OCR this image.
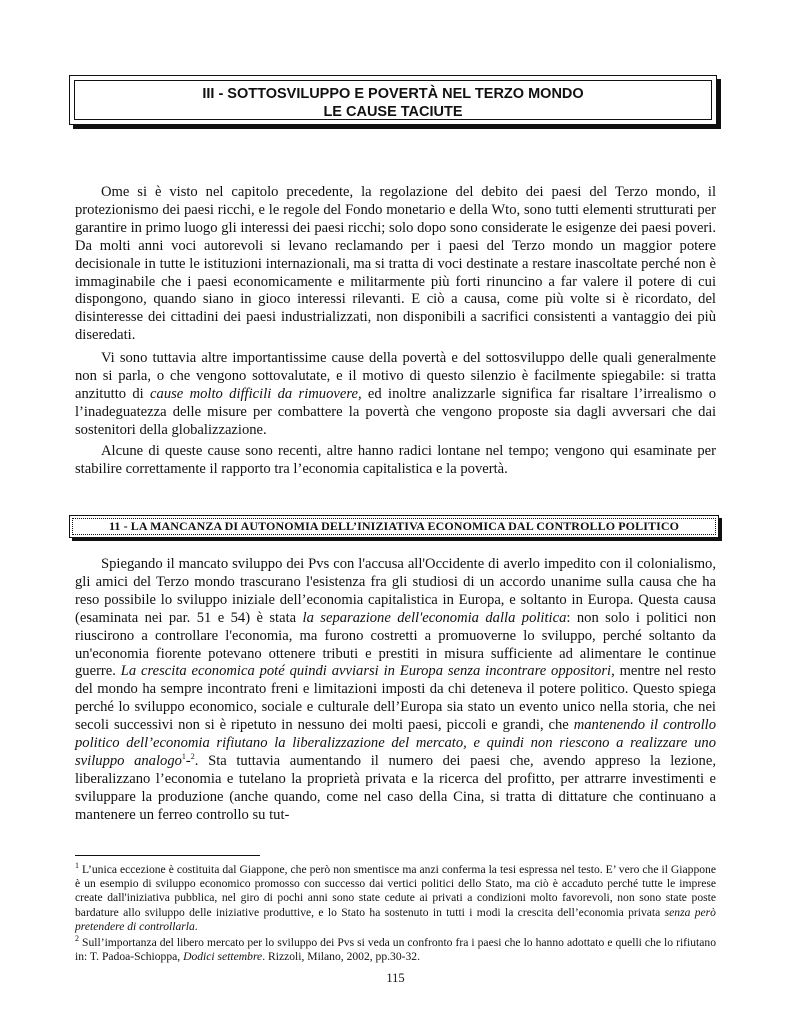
III - SOTTOSVILUPPO E POVERTÀ NEL TERZO MONDO
LE CAUSE TACIUTE

Ome si è visto nel capitolo precedente, la regolazione del debito dei paesi del Terzo mondo, il protezionismo dei paesi ricchi, e le regole del Fondo monetario e della Wto, sono tutti elementi strutturati per garantire in primo luogo gli interessi dei paesi ricchi; solo dopo sono considerate le esigenze dei paesi poveri. Da molti anni voci autorevoli si levano reclamando per i paesi del Terzo mondo un maggior potere decisionale in tutte le istituzioni internazionali, ma si tratta di voci destinate a restare inascoltate perché non è immaginabile che i paesi economicamente e militarmente più forti rinuncino a far valere il potere di cui dispongono, quando siano in gioco interessi rilevanti. E ciò a causa, come più volte si è ricordato, del disinteresse dei cittadini dei paesi industrializzati, non disponibili a sacrifici consistenti a vantaggio dei più diseredati.

Vi sono tuttavia altre importantissime cause della povertà e del sottosviluppo delle quali generalmente non si parla, o che vengono sottovalutate, e il motivo di questo silenzio è facilmente spiegabile: si tratta anzitutto di cause molto difficili da rimuovere, ed inoltre analizzarle significa far risaltare l’irrealismo o l’inadeguatezza delle misure per combattere la povertà che vengono proposte sia dagli avversari che dai sostenitori della globalizzazione.

Alcune di queste cause sono recenti, altre hanno radici lontane nel tempo; vengono qui esaminate per stabilire correttamente il rapporto tra l’economia capitalistica e la povertà.

11 - LA MANCANZA DI AUTONOMIA DELL’INIZIATIVA ECONOMICA DAL CONTROLLO POLITICO

Spiegando il mancato sviluppo dei Pvs con l'accusa all'Occidente di averlo impedito con il colonialismo, gli amici del Terzo mondo trascurano l'esistenza fra gli studiosi di un accordo unanime sulla causa che ha reso possibile lo sviluppo iniziale dell’economia capitalistica in Europa, e soltanto in Europa. Questa causa (esaminata nei par. 51 e 54) è stata la separazione dell'economia dalla politica: non solo i politici non riuscirono a controllare l'economia, ma furono costretti a promuoverne lo sviluppo, perché soltanto da un'economia fiorente potevano ottenere tributi e prestiti in misura sufficiente ad alimentare le continue guerre. La crescita economica poté quindi avviarsi in Europa senza incontrare oppositori, mentre nel resto del mondo ha sempre incontrato freni e limitazioni imposti da chi deteneva il potere politico. Questo spiega perché lo sviluppo economico, sociale e culturale dell’Europa sia stato un evento unico nella storia, che nei secoli successivi non si è ripetuto in nessuno dei molti paesi, piccoli e grandi, che mantenendo il controllo politico dell’economia rifiutano la liberalizzazione del mercato, e quindi non riescono a realizzare uno sviluppo analogo$^1$-$^2$. Sta tuttavia aumentando il numero dei paesi che, avendo appreso la lezione, liberalizzano l’economia e tutelano la proprietà privata e la ricerca del profitto, per attrarre investimenti e sviluppare la produzione (anche quando, come nel caso della Cina, si tratta di dittature che continuano a mantenere un ferreo controllo su tut-

$^1$ L’unica eccezione è costituita dal Giappone, che però non smentisce ma anzi conferma la tesi espressa nel testo. E’ vero che il Giappone è un esempio di sviluppo economico promosso con successo dai vertici politici dello Stato, ma ciò è accaduto perché tutte le imprese create dall'iniziativa pubblica, nel giro di pochi anni sono state cedute ai privati a condizioni molto favorevoli, non sono state poste bardature allo sviluppo delle iniziative produttive, e lo Stato ha sostenuto in tutti i modi la crescita dell’economia privata senza però pretendere di controllarla.

$^2$ Sull’importanza del libero mercato per lo sviluppo dei Pvs si veda un confronto fra i paesi che lo hanno adottato e quelli che lo rifiutano in: T. Padoa-Schioppa, Dodici settembre. Rizzoli, Milano, 2002, pp.30-32.

115
